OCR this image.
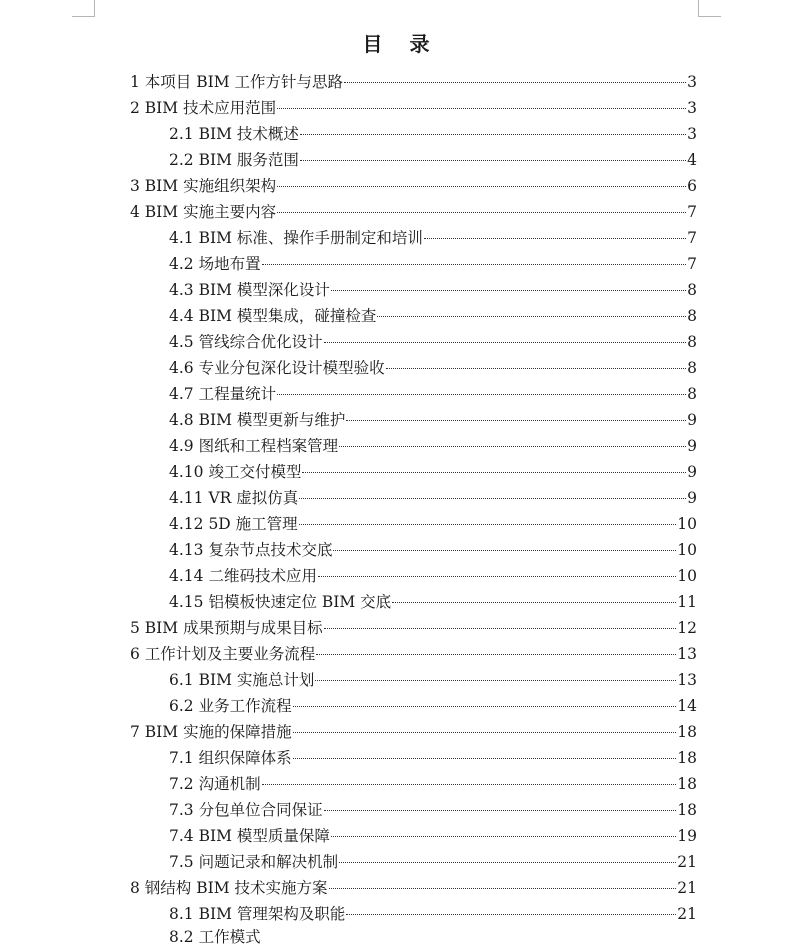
目 录
1 本项目 BIM 工作方针与思路	3
2 BIM 技术应用范围	3
2.1 BIM 技术概述	3
2.2 BIM 服务范围	4
3 BIM 实施组织架构	6
4 BIM 实施主要内容	7
4.1 BIM 标准、操作手册制定和培训	7
4.2 场地布置	7
4.3 BIM 模型深化设计	8
4.4 BIM 模型集成，碰撞检查	8
4.5 管线综合优化设计	8
4.6 专业分包深化设计模型验收	8
4.7 工程量统计	8
4.8 BIM 模型更新与维护	9
4.9 图纸和工程档案管理	9
4.10 竣工交付模型	9
4.11 VR 虚拟仿真	9
4.12 5D 施工管理	10
4.13 复杂节点技术交底	10
4.14 二维码技术应用	10
4.15 铝模板快速定位 BIM 交底	11
5 BIM 成果预期与成果目标	12
6 工作计划及主要业务流程	13
6.1 BIM 实施总计划	13
6.2 业务工作流程	14
7 BIM 实施的保障措施	18
7.1 组织保障体系	18
7.2 沟通机制	18
7.3 分包单位合同保证	18
7.4 BIM 模型质量保障	19
7.5 问题记录和解决机制	21
8 钢结构 BIM 技术实施方案	21
8.1 BIM 管理架构及职能	21
8.2 工作模式
